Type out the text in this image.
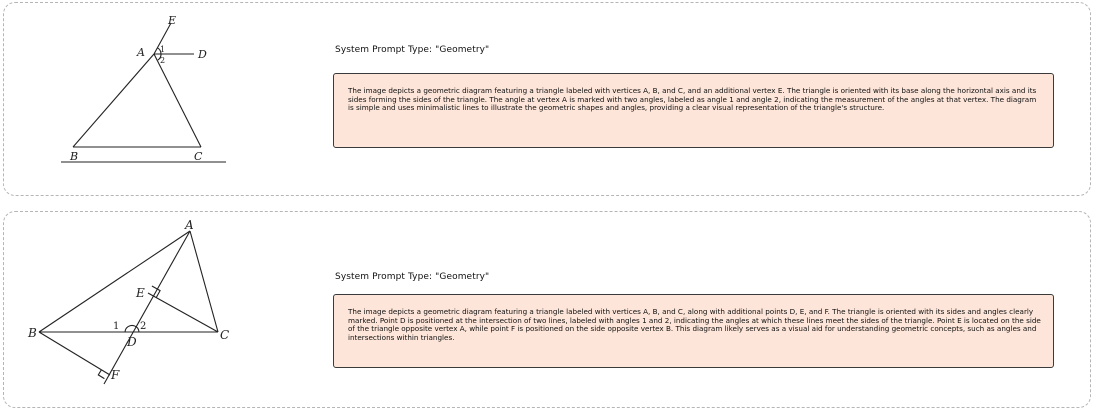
E
A	D
1
2
B	C
System Prompt Type: "Geometry"
The image depicts a geometric diagram featuring a triangle labeled with vertices A, B, and C, and an additional vertex E. The triangle is oriented with its base along the horizontal axis and its sides forming the sides of the triangle. The angle at vertex A is marked with two angles, labeled as angle 1 and angle 2, indicating the measurement of the angles at that vertex. The diagram is simple and uses minimalistic lines to illustrate the geometric shapes and angles, providing a clear visual representation of the triangle's structure.
A
E
B	1 2
C
D
F
System Prompt Type: "Geometry"
The image depicts a geometric diagram featuring a triangle labeled with vertices A, B, and C, along with additional points D, E, and F. The triangle is oriented with its sides and angles clearly marked. Point D is positioned at the intersection of two lines, labeled with angles 1 and 2, indicating the angles at which these lines meet the sides of the triangle. Point E is located on the side of the triangle opposite vertex A, while point F is positioned on the side opposite vertex B. This diagram likely serves as a visual aid for understanding geometric concepts, such as angles and intersections within triangles.
